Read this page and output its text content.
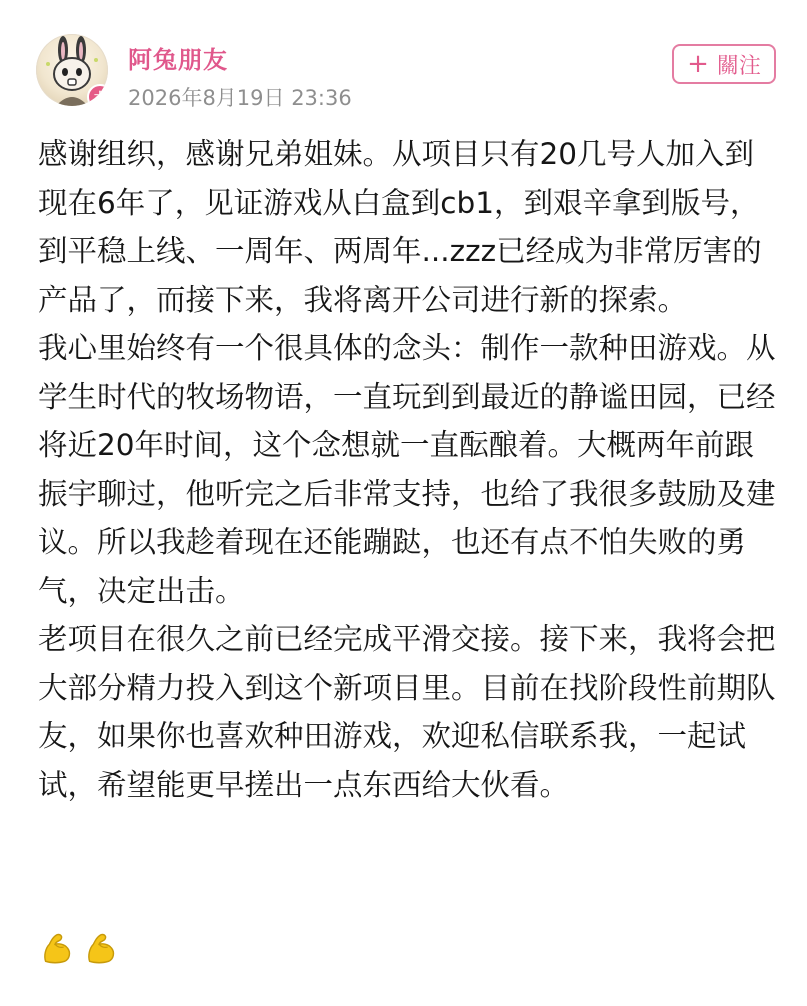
大
阿兔朋友
2026年8月19日 23:36
+ 關注

感谢组织，感谢兄弟姐妹。从项目只有20几号人加入到现在6年了，见证游戏从白盒到cb1，到艰辛拿到版号，到平稳上线、一周年、两周年...zzz已经成为非常厉害的产品了，而接下来，我将离开公司进行新的探索。

我心里始终有一个很具体的念头：制作一款种田游戏。从学生时代的牧场物语，一直玩到到最近的静谧田园，已经将近20年时间，这个念想就一直酝酿着。大概两年前跟振宇聊过，他听完之后非常支持，也给了我很多鼓励及建议。所以我趁着现在还能蹦跶，也还有点不怕失败的勇气，决定出击。

老项目在很久之前已经完成平滑交接。接下来，我将会把大部分精力投入到这个新项目里。目前在找阶段性前期队友，如果你也喜欢种田游戏，欢迎私信联系我，一起试试，希望能更早搓出一点东西给大伙看。
